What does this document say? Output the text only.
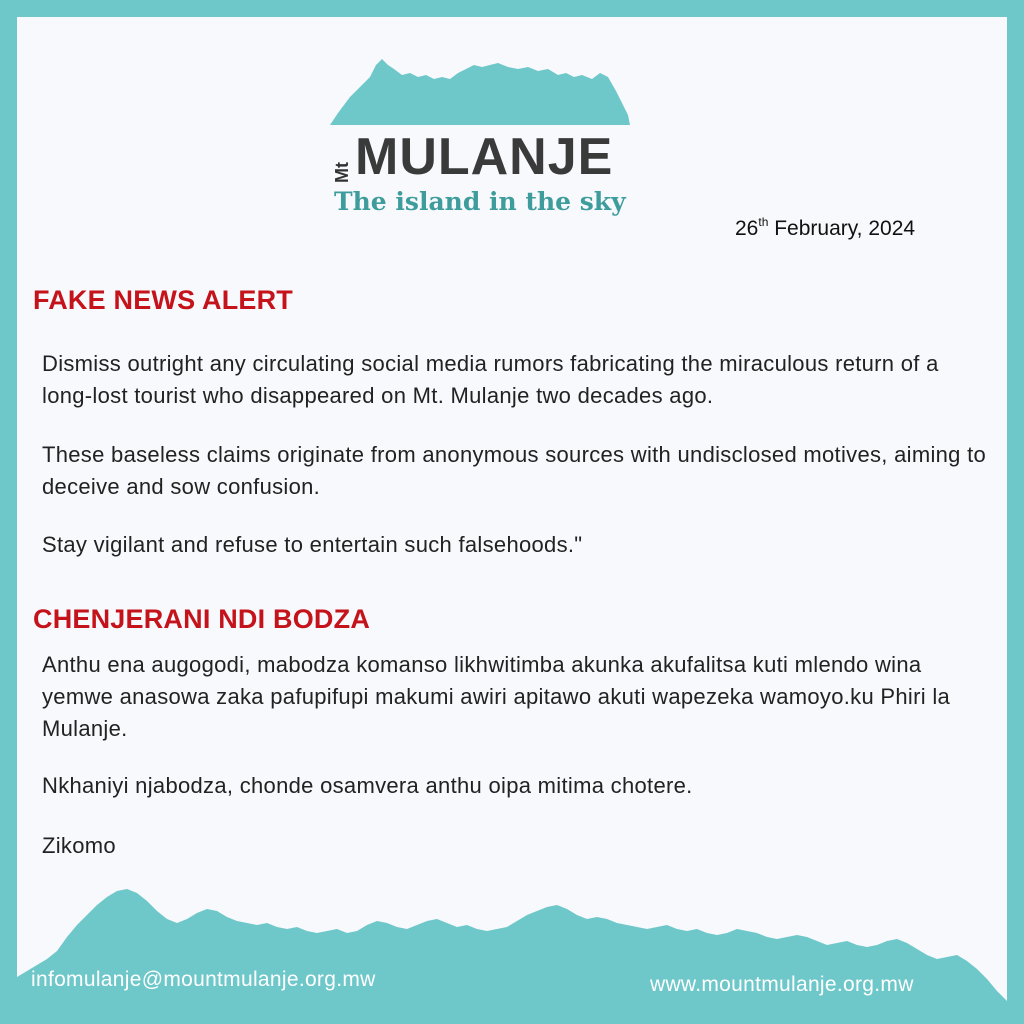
Mt MULANJE
The island in the sky
26th February, 2024
FAKE NEWS ALERT
Dismiss outright any circulating social media rumors fabricating the miraculous return of a long-lost tourist who disappeared on Mt. Mulanje two decades ago.
These baseless claims originate from anonymous sources with undisclosed motives, aiming to deceive and sow confusion.
Stay vigilant and refuse to entertain such falsehoods."
CHENJERANI NDI BODZA
Anthu ena augogodi, mabodza komanso likhwitimba akunka akufalitsa kuti mlendo wina yemwe anasowa zaka pafupifupi makumi awiri apitawo akuti wapezeka wamoyo.ku Phiri la Mulanje.
Nkhaniyi njabodza, chonde osamvera anthu oipa mitima chotere.
Zikomo
infomulanje@mountmulanje.org.mw	www.mountmulanje.org.mw
